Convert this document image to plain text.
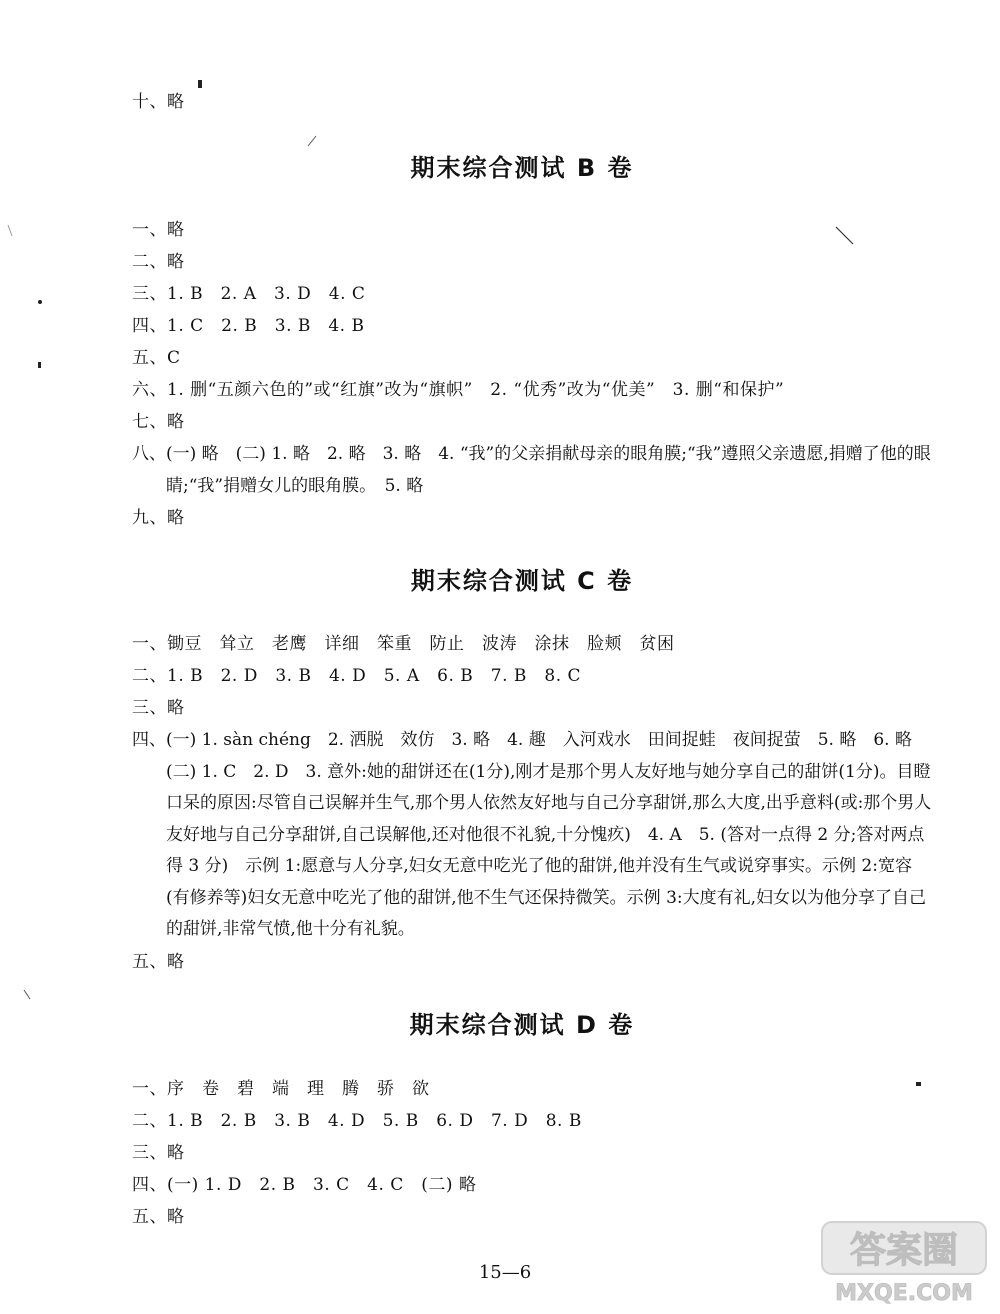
十、略
期末综合测试 B 卷
一、略
二、略
三、1. B　2. A　3. D　4. C
四、1. C　2. B　3. B　4. B
五、C
六、1. 删“五颜六色的”或“红旗”改为“旗帜”　2. “优秀”改为“优美”　3. 删“和保护”
七、略
八、(一) 略　(二) 1. 略　2. 略　3. 略　4. “我”的父亲捐献母亲的眼角膜;“我”遵照父亲遗愿,捐赠了他的眼睛;“我”捐赠女儿的眼角膜。　5. 略
九、略
期末综合测试 C 卷
一、锄豆　耸立　老鹰　详细　笨重　防止　波涛　涂抹　脸颊　贫困
二、1. B　2. D　3. B　4. D　5. A　6. B　7. B　8. C
三、略
四、(一) 1. sàn chéng　2. 洒脱　效仿　3. 略　4. 趣　入河戏水　田间捉蛙　夜间捉萤　5. 略　6. 略　(二) 1. C　2. D　3. 意外:她的甜饼还在(1分),刚才是那个男人友好地与她分享自己的甜饼(1分)。目瞪口呆的原因:尽管自己误解并生气,那个男人依然友好地与自己分享甜饼,那么大度,出乎意料(或:那个男人友好地与自己分享甜饼,自己误解他,还对他很不礼貌,十分愧疚)　4. A　5. (答对一点得 2 分;答对两点得 3 分)　示例 1:愿意与人分享,妇女无意中吃光了他的甜饼,他并没有生气或说穿事实。示例 2:宽容(有修养等)妇女无意中吃光了他的甜饼,他不生气还保持微笑。示例 3:大度有礼,妇女以为他分享了自己的甜饼,非常气愤,他十分有礼貌。
五、略
期末综合测试 D 卷
一、序　卷　碧　端　理　腾　骄　欲
二、1. B　2. B　3. B　4. D　5. B　6. D　7. D　8. B
三、略
四、(一) 1. D　2. B　3. C　4. C　(二) 略
五、略
15—6
答案圈
MXQE.COM
